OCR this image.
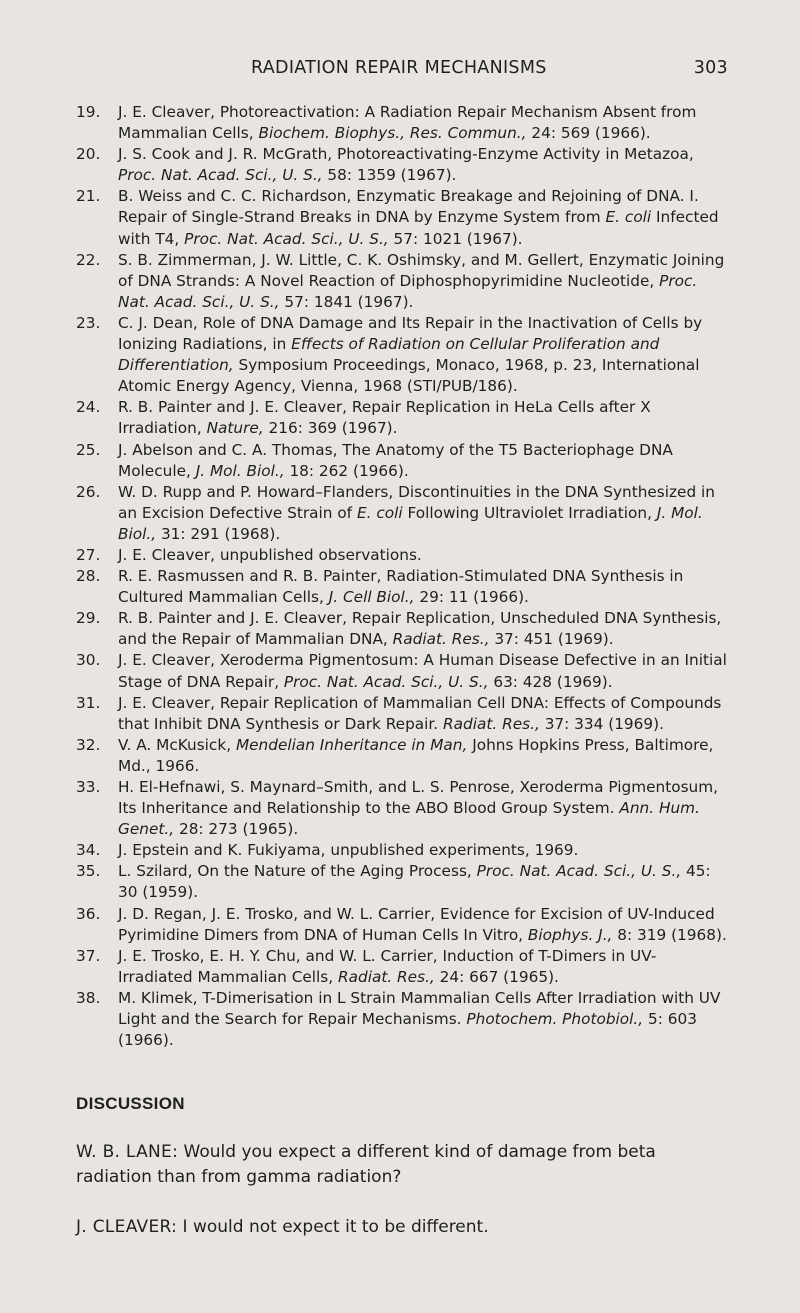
RADIATION REPAIR MECHANISMS	303
19.	J. E. Cleaver, Photoreactivation: A Radiation Repair Mechanism Absent from Mammalian Cells, Biochem. Biophys., Res. Commun., 24: 569 (1966).
20.	J. S. Cook and J. R. McGrath, Photoreactivating-Enzyme Activity in Metazoa, Proc. Nat. Acad. Sci., U. S., 58: 1359 (1967).
21.	B. Weiss and C. C. Richardson, Enzymatic Breakage and Rejoining of DNA. I. Repair of Single-Strand Breaks in DNA by Enzyme System from E. coli Infected with T4, Proc. Nat. Acad. Sci., U. S., 57: 1021 (1967).
22.	S. B. Zimmerman, J. W. Little, C. K. Oshimsky, and M. Gellert, Enzymatic Joining of DNA Strands: A Novel Reaction of Diphosphopyrimidine Nucleotide, Proc. Nat. Acad. Sci., U. S., 57: 1841 (1967).
23.	C. J. Dean, Role of DNA Damage and Its Repair in the Inactivation of Cells by Ionizing Radiations, in Effects of Radiation on Cellular Proliferation and Differentiation, Symposium Proceedings, Monaco, 1968, p. 23, International Atomic Energy Agency, Vienna, 1968 (STI/PUB/186).
24.	R. B. Painter and J. E. Cleaver, Repair Replication in HeLa Cells after X Irradiation, Nature, 216: 369 (1967).
25.	J. Abelson and C. A. Thomas, The Anatomy of the T5 Bacteriophage DNA Molecule, J. Mol. Biol., 18: 262 (1966).
26.	W. D. Rupp and P. Howard–Flanders, Discontinuities in the DNA Synthesized in an Excision Defective Strain of E. coli Following Ultraviolet Irradiation, J. Mol. Biol., 31: 291 (1968).
27.	J. E. Cleaver, unpublished observations.
28.	R. E. Rasmussen and R. B. Painter, Radiation-Stimulated DNA Synthesis in Cultured Mammalian Cells, J. Cell Biol., 29: 11 (1966).
29.	R. B. Painter and J. E. Cleaver, Repair Replication, Unscheduled DNA Synthesis, and the Repair of Mammalian DNA, Radiat. Res., 37: 451 (1969).
30.	J. E. Cleaver, Xeroderma Pigmentosum: A Human Disease Defective in an Initial Stage of DNA Repair, Proc. Nat. Acad. Sci., U. S., 63: 428 (1969).
31.	J. E. Cleaver, Repair Replication of Mammalian Cell DNA: Effects of Compounds that Inhibit DNA Synthesis or Dark Repair. Radiat. Res., 37: 334 (1969).
32.	V. A. McKusick, Mendelian Inheritance in Man, Johns Hopkins Press, Baltimore, Md., 1966.
33.	H. El-Hefnawi, S. Maynard–Smith, and L. S. Penrose, Xeroderma Pigmentosum, Its Inheritance and Relationship to the ABO Blood Group System. Ann. Hum. Genet., 28: 273 (1965).
34.	J. Epstein and K. Fukiyama, unpublished experiments, 1969.
35.	L. Szilard, On the Nature of the Aging Process, Proc. Nat. Acad. Sci., U. S., 45: 30 (1959).
36.	J. D. Regan, J. E. Trosko, and W. L. Carrier, Evidence for Excision of UV-Induced Pyrimidine Dimers from DNA of Human Cells In Vitro, Biophys. J., 8: 319 (1968).
37.	J. E. Trosko, E. H. Y. Chu, and W. L. Carrier, Induction of T-Dimers in UV-Irradiated Mammalian Cells, Radiat. Res., 24: 667 (1965).
38.	M. Klimek, T-Dimerisation in L Strain Mammalian Cells After Irradiation with UV Light and the Search for Repair Mechanisms. Photochem. Photobiol., 5: 603 (1966).
DISCUSSION

W. B. LANE: Would you expect a different kind of damage from beta radiation than from gamma radiation?

J. CLEAVER: I would not expect it to be different.
